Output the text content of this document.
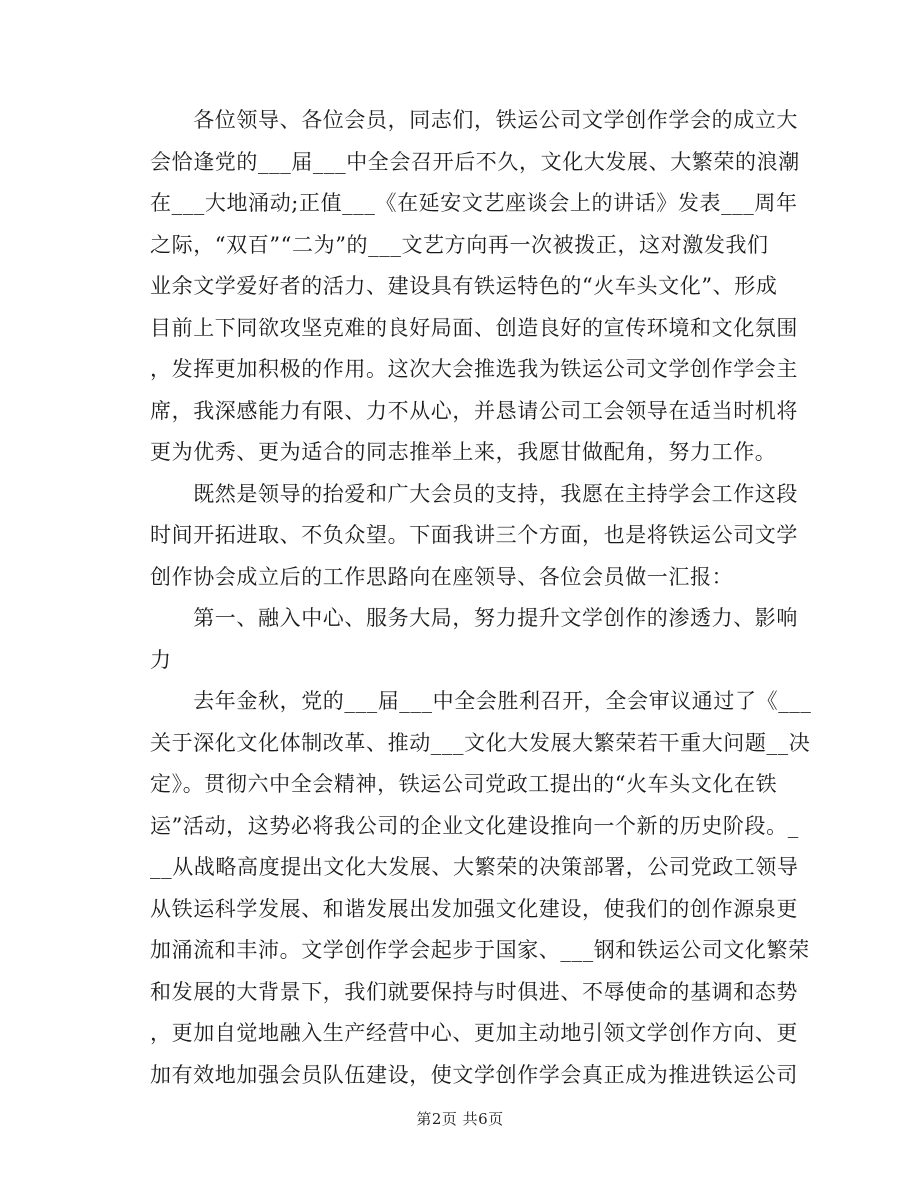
　　各位领导、各位会员，同志们，铁运公司文学创作学会的成立大
会恰逢党的___届___中全会召开后不久，文化大发展、大繁荣的浪潮
在___大地涌动;正值___《在延安文艺座谈会上的讲话》发表___周年
之际，“双百”“二为”的___文艺方向再一次被拨正，这对激发我们
业余文学爱好者的活力、建设具有铁运特色的“火车头文化”、形成
目前上下同欲攻坚克难的良好局面、创造良好的宣传环境和文化氛围
，发挥更加积极的作用。这次大会推选我为铁运公司文学创作学会主
席，我深感能力有限、力不从心，并恳请公司工会领导在适当时机将
更为优秀、更为适合的同志推举上来，我愿甘做配角，努力工作。
　　既然是领导的抬爱和广大会员的支持，我愿在主持学会工作这段
时间开拓进取、不负众望。下面我讲三个方面，也是将铁运公司文学
创作协会成立后的工作思路向在座领导、各位会员做一汇报：
　　第一、融入中心、服务大局，努力提升文学创作的渗透力、影响
力
　　去年金秋，党的___届___中全会胜利召开，全会审议通过了《___
关于深化文化体制改革、推动___文化大发展大繁荣若干重大问题__决
定》。贯彻六中全会精神，铁运公司党政工提出的“火车头文化在铁
运”活动，这势必将我公司的企业文化建设推向一个新的历史阶段。_
__从战略高度提出文化大发展、大繁荣的决策部署，公司党政工领导
从铁运科学发展、和谐发展出发加强文化建设，使我们的创作源泉更
加涌流和丰沛。文学创作学会起步于国家、___钢和铁运公司文化繁荣
和发展的大背景下，我们就要保持与时俱进、不辱使命的基调和态势
，更加自觉地融入生产经营中心、更加主动地引领文学创作方向、更
加有效地加强会员队伍建设，使文学创作学会真正成为推进铁运公司
第2页 共6页
